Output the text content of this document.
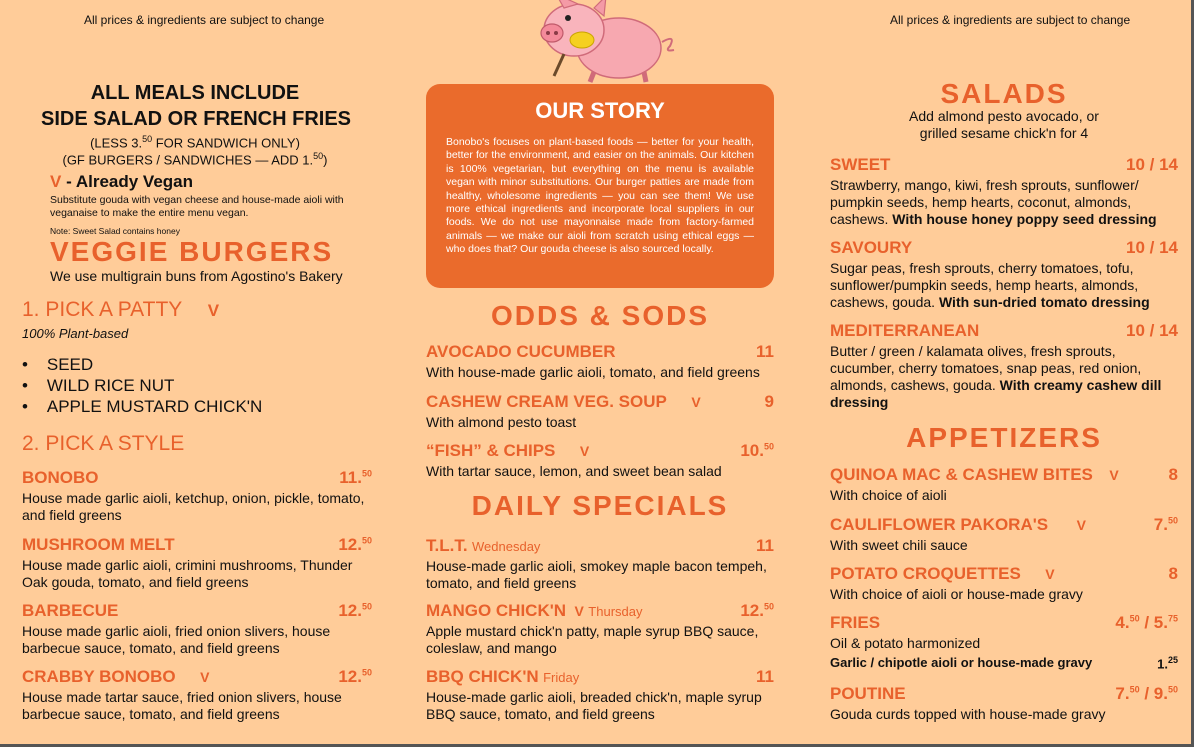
All prices & ingredients are subject to change	All prices & ingredients are subject to change
ALL MEALS INCLUDE
SIDE SALAD OR FRENCH FRIES
(LESS 3.50 FOR SANDWICH ONLY)
(GF BURGERS / SANDWICHES — ADD 1.50)
V - Already Vegan
Substitute gouda with vegan cheese and house-made aioli with veganaise to make the entire menu vegan.
Note: Sweet Salad contains honey
VEGGIE BURGERS
We use multigrain buns from Agostino's Bakery
1. PICK A PATTY V
100% Plant-based
•    SEED
•    WILD RICE NUT
•    APPLE MUSTARD CHICK'N
2. PICK A STYLE
BONOBO	11.50
House made garlic aioli, ketchup, onion, pickle, tomato, and field greens
MUSHROOM MELT	12.50
House made garlic aioli, crimini mushrooms, Thunder Oak gouda, tomato, and field greens
BARBECUE	12.50
House made garlic aioli, fried onion slivers, house barbecue sauce, tomato, and field greens
CRABBY BONOBO V	12.50
House made tartar sauce, fried onion slivers, house barbecue sauce, tomato, and field greens
OUR STORY
Bonobo's focuses on plant-based foods — better for your health, better for the environment, and easier on the animals. Our kitchen is 100% vegetarian, but everything on the menu is available vegan with minor substitutions. Our burger patties are made from healthy, wholesome ingredients — you can see them! We use more ethical ingredients and incorporate local suppliers in our foods. We do not use mayonnaise made from factory-farmed animals — we make our aioli from scratch using ethical eggs — who does that? Our gouda cheese is also sourced locally.
ODDS & SODS
AVOCADO CUCUMBER	11
With house-made garlic aioli, tomato, and field greens
CASHEW CREAM VEG. SOUP V	9
With almond pesto toast
“FISH” & CHIPS V	10.50
With tartar sauce, lemon, and sweet bean salad
DAILY SPECIALS
T.L.T. Wednesday	11
House-made garlic aioli, smokey maple bacon tempeh, tomato, and field greens
MANGO CHICK'N V Thursday	12.50
Apple mustard chick'n patty, maple syrup BBQ sauce, coleslaw, and mango
BBQ CHICK'N Friday	11
House-made garlic aioli, breaded chick'n, maple syrup BBQ sauce, tomato, and field greens
SALADS
Add almond pesto avocado, or grilled sesame chick'n for 4
SWEET	10 / 14
Strawberry, mango, kiwi, fresh sprouts, sunflower/ pumpkin seeds, hemp hearts, coconut, almonds, cashews. With house honey poppy seed dressing
SAVOURY	10 / 14
Sugar peas, fresh sprouts, cherry tomatoes, tofu, sunflower/pumpkin seeds, hemp hearts, almonds, cashews, gouda. With sun-dried tomato dressing
MEDITERRANEAN	10 / 14
Butter / green / kalamata olives, fresh sprouts, cucumber, cherry tomatoes, snap peas, red onion, almonds, cashews, gouda. With creamy cashew dill dressing
APPETIZERS
QUINOA MAC & CASHEW BITES V	8
With choice of aioli
CAULIFLOWER PAKORA'S V	7.50
With sweet chili sauce
POTATO CROQUETTES V	8
With choice of aioli or house-made gravy
FRIES	4.50 / 5.75
Oil & potato harmonized
Garlic / chipotle aioli or house-made gravy	1.25
POUTINE	7.50 / 9.50
Gouda curds topped with house-made gravy
